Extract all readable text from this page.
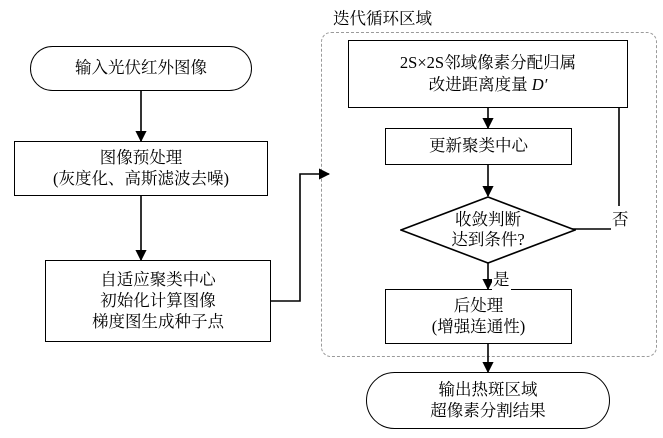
迭代循环区域
输入光伏红外图像
图像预处理
(灰度化、高斯滤波去噪)
自适应聚类中心
初始化计算图像
梯度图生成种子点
2S×2S邻域像素分配归属
改进距离度量 D′
更新聚类中心
收敛判断
达到条件?
后处理
(增强连通性)
输出热斑区域
超像素分割结果
否
是
